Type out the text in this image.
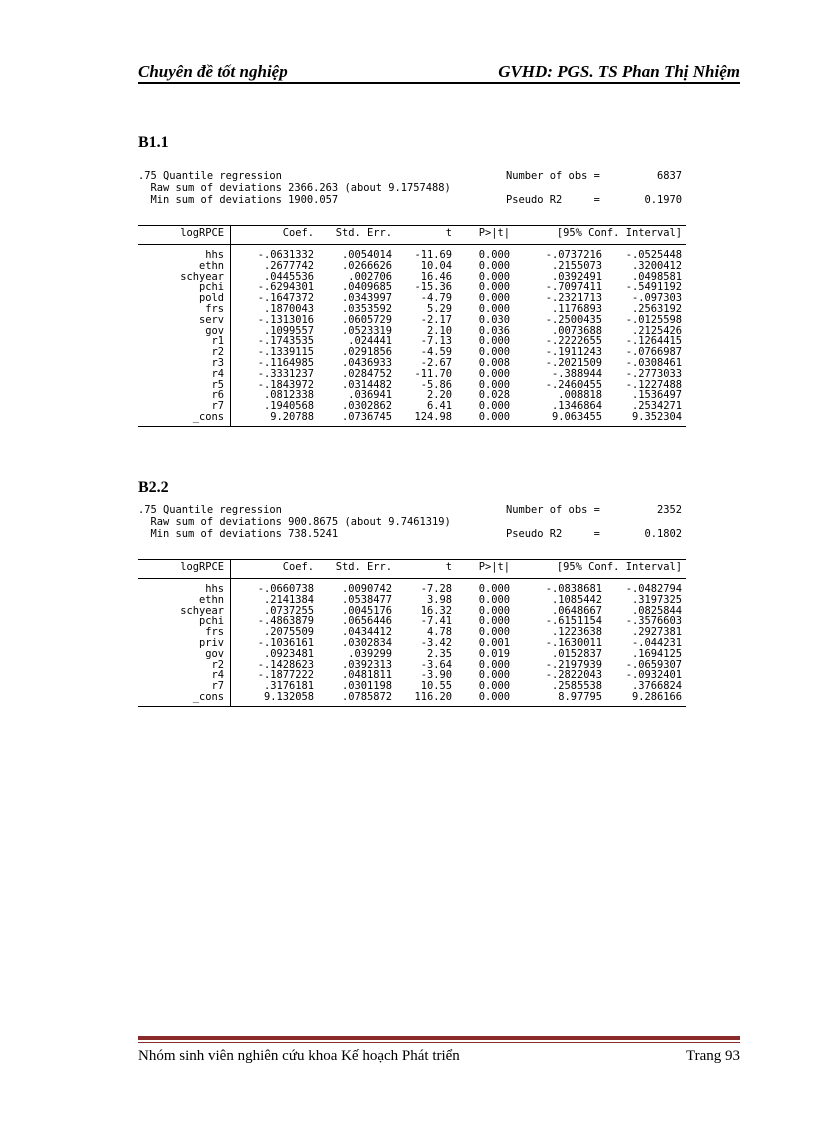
Chuyên đề tốt nghiệp	GVHD: PGS. TS Phan Thị Nhiệm
B1.1
.75 Quantile regression	Number of obs =	6837
Raw sum of deviations 2366.263 (about 9.1757488)
Min sum of deviations 1900.057	Pseudo R2     =	0.1970
logRPCE	Coef.	Std. Err.	t	P>|t|	[95% Conf. Interval]
hhs	-.0631332	.0054014	-11.69	0.000	-.0737216	-.0525448
ethn	.2677742	.0266626	10.04	0.000	.2155073	.3200412
schyear	.0445536	.002706	16.46	0.000	.0392491	.0498581
pchi	-.6294301	.0409685	-15.36	0.000	-.7097411	-.5491192
pold	-.1647372	.0343997	-4.79	0.000	-.2321713	-.097303
frs	.1870043	.0353592	5.29	0.000	.1176893	.2563192
serv	-.1313016	.0605729	-2.17	0.030	-.2500435	-.0125598
gov	.1099557	.0523319	2.10	0.036	.0073688	.2125426
r1	-.1743535	.024441	-7.13	0.000	-.2222655	-.1264415
r2	-.1339115	.0291856	-4.59	0.000	-.1911243	-.0766987
r3	-.1164985	.0436933	-2.67	0.008	-.2021509	-.0308461
r4	-.3331237	.0284752	-11.70	0.000	-.388944	-.2773033
r5	-.1843972	.0314482	-5.86	0.000	-.2460455	-.1227488
r6	.0812338	.036941	2.20	0.028	.008818	.1536497
r7	.1940568	.0302862	6.41	0.000	.1346864	.2534271
_cons	9.20788	.0736745	124.98	0.000	9.063455	9.352304
B2.2
.75 Quantile regression	Number of obs =	2352
Raw sum of deviations 900.8675 (about 9.7461319)
Min sum of deviations 738.5241	Pseudo R2     =	0.1802
logRPCE	Coef.	Std. Err.	t	P>|t|	[95% Conf. Interval]
hhs	-.0660738	.0090742	-7.28	0.000	-.0838681	-.0482794
ethn	.2141384	.0538477	3.98	0.000	.1085442	.3197325
schyear	.0737255	.0045176	16.32	0.000	.0648667	.0825844
pchi	-.4863879	.0656446	-7.41	0.000	-.6151154	-.3576603
frs	.2075509	.0434412	4.78	0.000	.1223638	.2927381
priv	-.1036161	.0302834	-3.42	0.001	-.1630011	-.044231
gov	.0923481	.039299	2.35	0.019	.0152837	.1694125
r2	-.1428623	.0392313	-3.64	0.000	-.2197939	-.0659307
r4	-.1877222	.0481811	-3.90	0.000	-.2822043	-.0932401
r7	.3176181	.0301198	10.55	0.000	.2585538	.3766824
_cons	9.132058	.0785872	116.20	0.000	8.97795	9.286166
Nhóm sinh viên nghiên cứu khoa Kế hoạch Phát triển	Trang 93
